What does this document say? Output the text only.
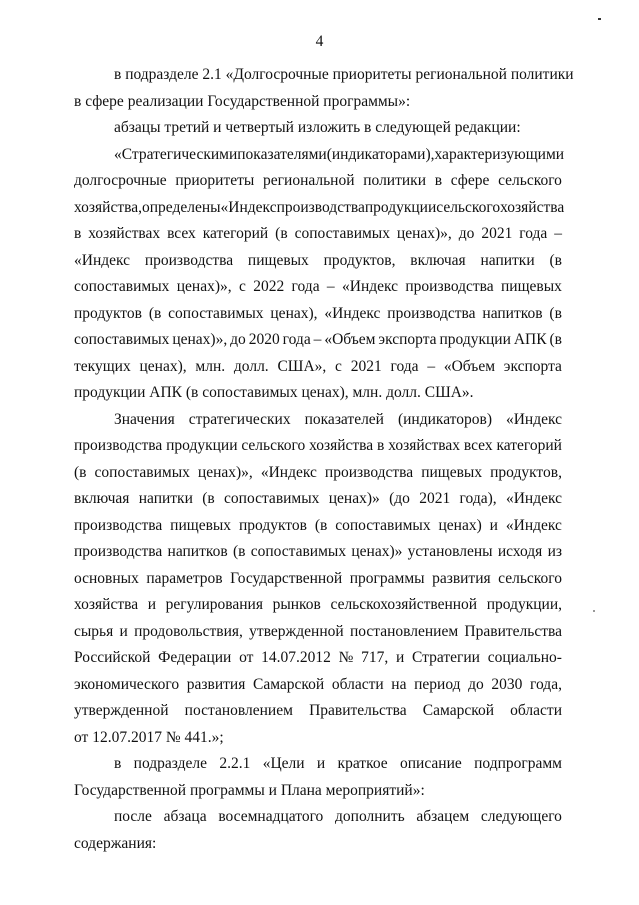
4
в подразделе 2.1 «Долгосрочные приоритеты региональной политики
в сфере реализации Государственной программы»:
абзацы третий и четвертый изложить в следующей редакции:
«Стратегическими показателями (индикаторами), характеризующими
долгосрочные приоритеты региональной политики в сфере сельского
хозяйства, определены «Индекс производства продукции сельского хозяйства
в хозяйствах всех категорий (в сопоставимых ценах)», до 2021 года –
«Индекс производства пищевых продуктов, включая напитки (в
сопоставимых ценах)», с 2022 года – «Индекс производства пищевых
продуктов (в сопоставимых ценах), «Индекс производства напитков (в
сопоставимых ценах)», до 2020 года – «Объем экспорта продукции АПК (в
текущих ценах), млн. долл. США», с 2021 года – «Объем экспорта
продукции АПК (в сопоставимых ценах), млн. долл. США».
Значения стратегических показателей (индикаторов) «Индекс
производства продукции сельского хозяйства в хозяйствах всех категорий
(в сопоставимых ценах)», «Индекс производства пищевых продуктов,
включая напитки (в сопоставимых ценах)» (до 2021 года), «Индекс
производства пищевых продуктов (в сопоставимых ценах) и «Индекс
производства напитков (в сопоставимых ценах)» установлены исходя из
основных параметров Государственной программы развития сельского
хозяйства и регулирования рынков сельскохозяйственной продукции,
сырья и продовольствия, утвержденной постановлением Правительства
Российской Федерации от 14.07.2012 № 717, и Стратегии социально-
экономического развития Самарской области на период до 2030 года,
утвержденной постановлением Правительства Самарской области
от 12.07.2017 № 441.»;
в подразделе 2.2.1 «Цели и краткое описание подпрограмм
Государственной программы и Плана мероприятий»:
после абзаца восемнадцатого дополнить абзацем следующего
содержания:
